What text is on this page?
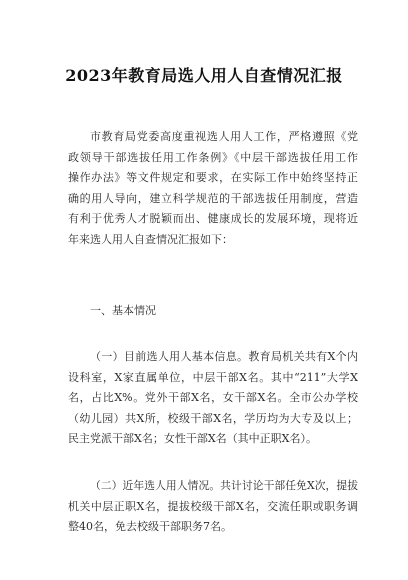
2023年教育局选人用人自查情况汇报
市教育局党委高度重视选人用人工作，严格遵照《党
政领导干部选拔任用工作条例》《中层干部选拔任用工作
操作办法》等文件规定和要求，在实际工作中始终坚持正
确的用人导向，建立科学规范的干部选拔任用制度，营造
有利于优秀人才脱颖而出、健康成长的发展环境，现将近
年来选人用人自查情况汇报如下：
一、基本情况
（一）目前选人用人基本信息。教育局机关共有X个内
设科室，X家直属单位，中层干部X名。其中“211”大学X
名，占比X%。党外干部X名，女干部X名。全市公办学校
（幼儿园）共X所，校级干部X名，学历均为大专及以上；
民主党派干部X名；女性干部X名（其中正职X名）。
（二）近年选人用人情况。共计讨论干部任免X次，提拔
机关中层正职X名，提拔校级干部X名，交流任职或职务调
整40名，免去校级干部职务7名。
